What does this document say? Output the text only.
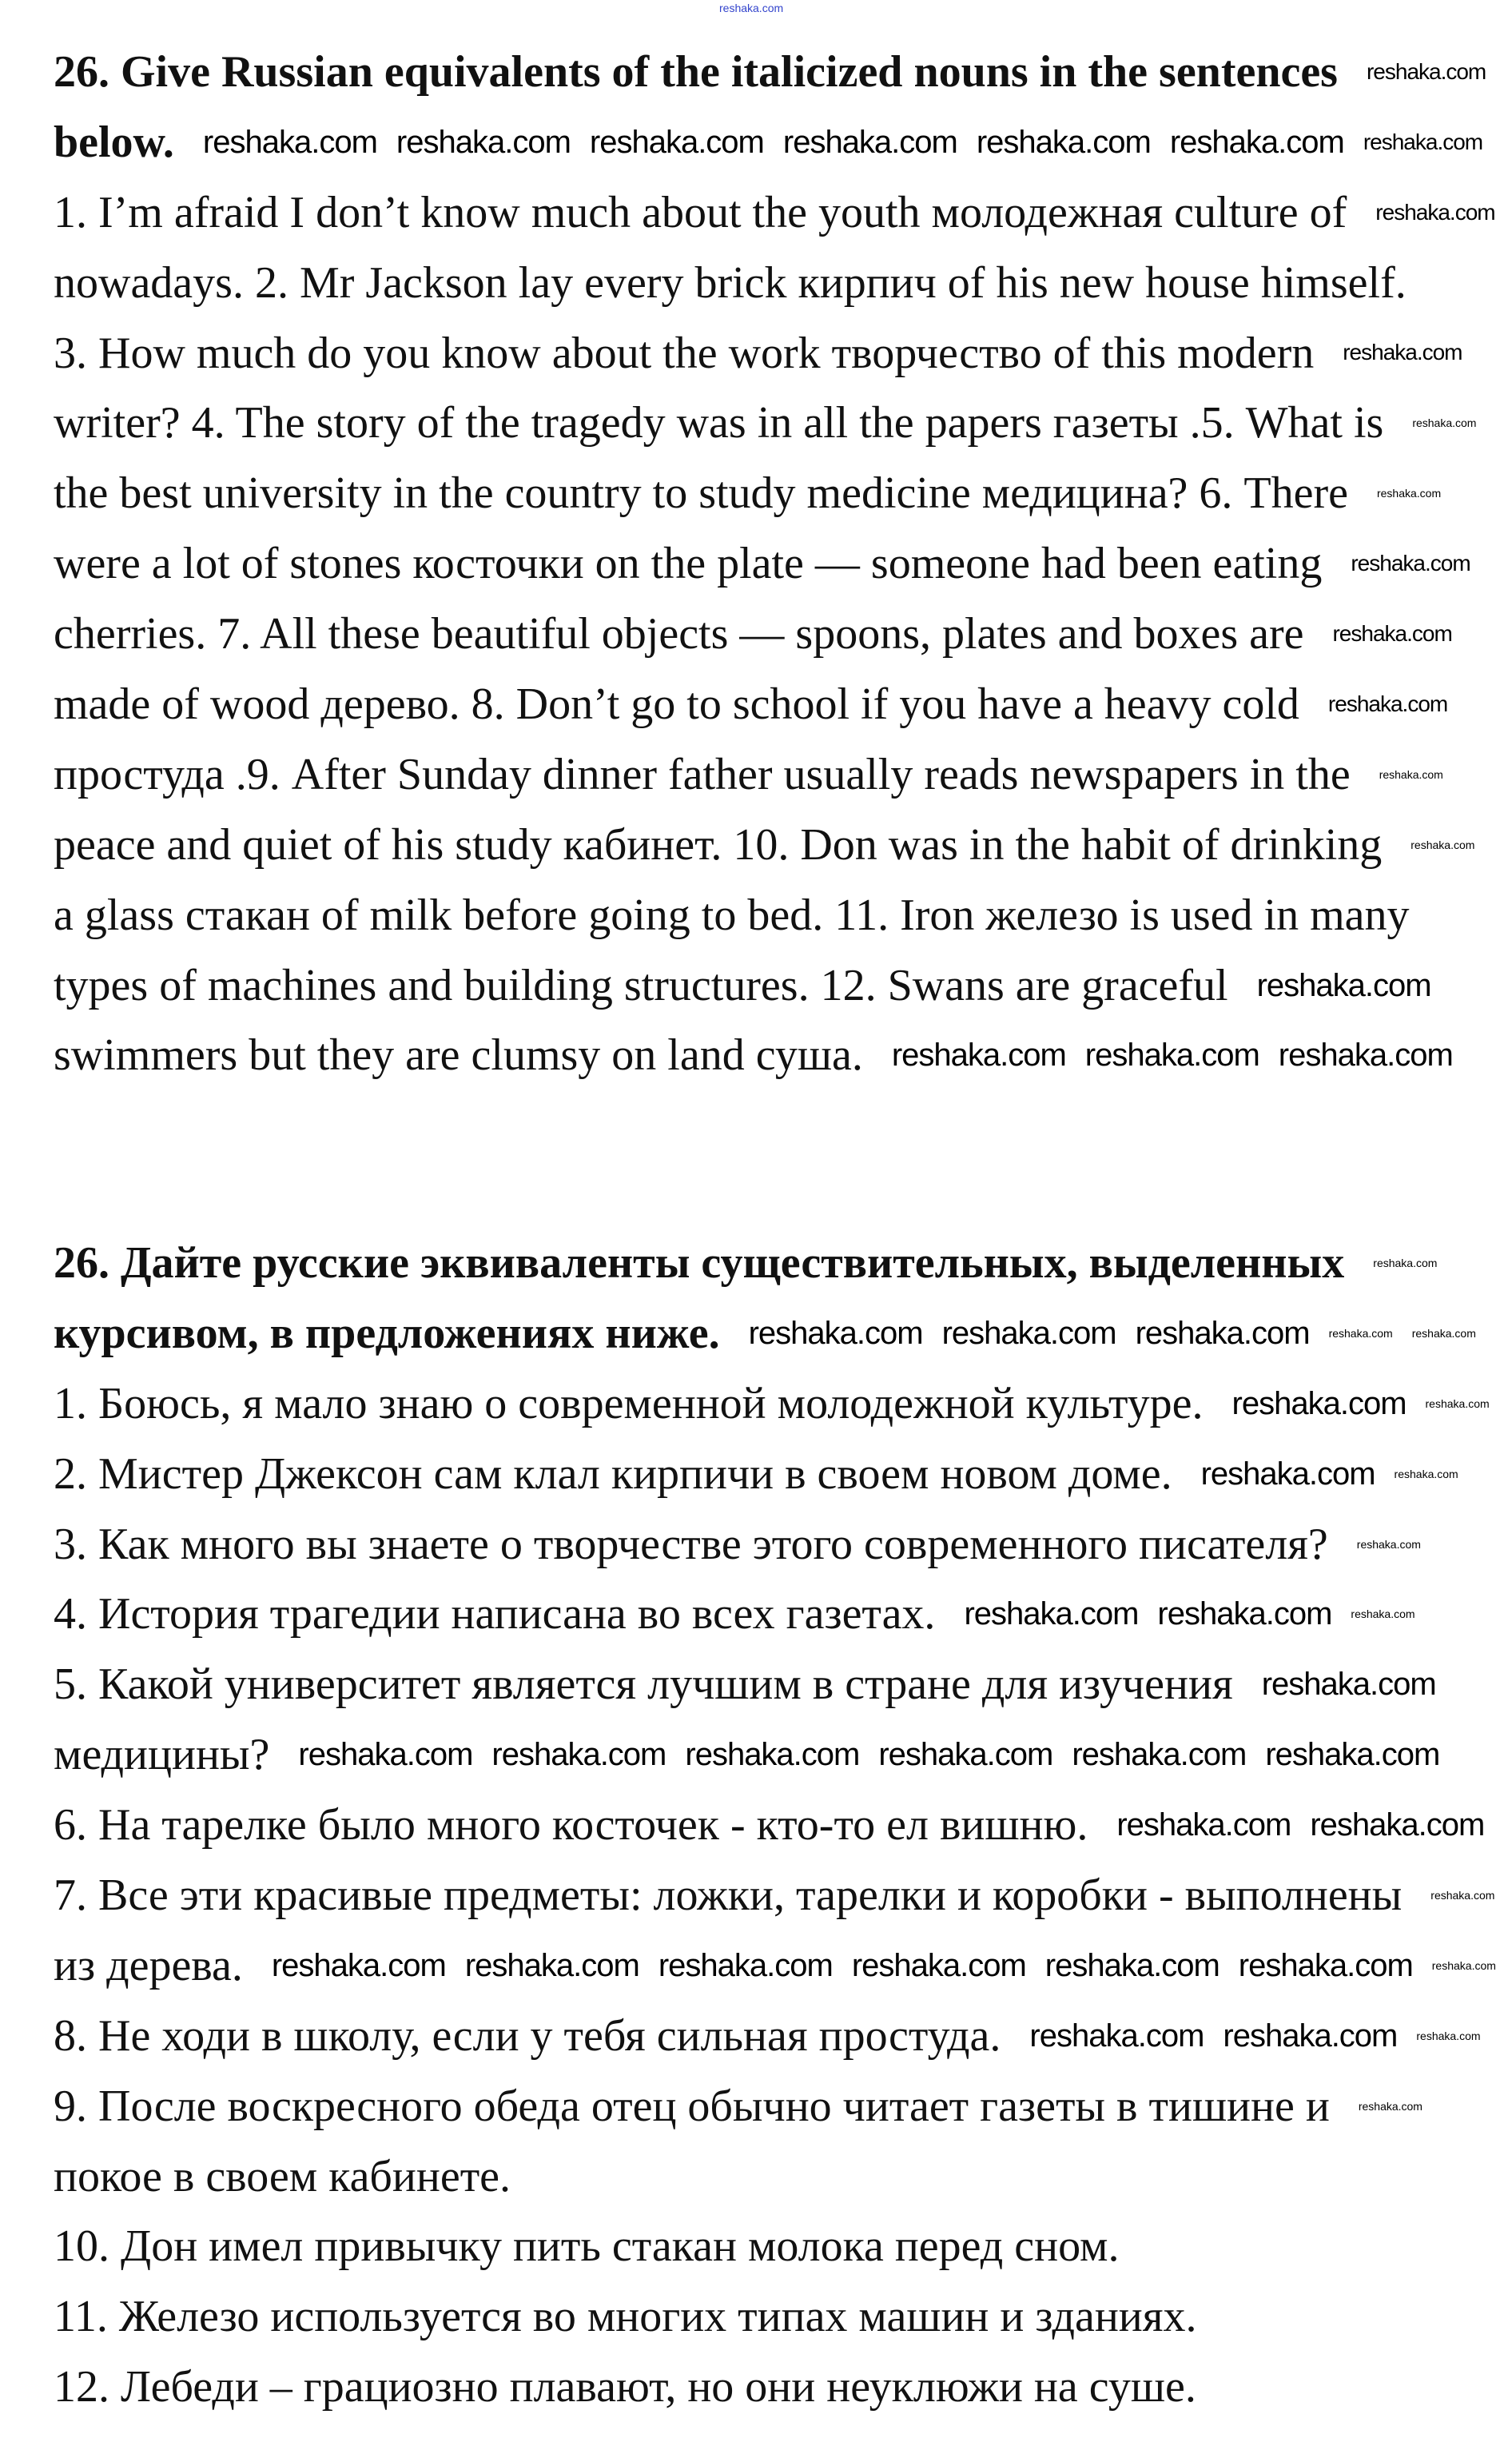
reshaka.com
26. Give Russian equivalents of the italicized nouns in the sentences
below.
1. I’m afraid I don’t know much about the youth молодежная culture of
nowadays. 2. Mr Jackson lay every brick кирпич of his new house himself.
3. How much do you know about the work творчество of this modern
writer? 4. The story of the tragedy was in all the papers газеты .5. What is
the best university in the country to study medicine медицина? 6. There
were a lot of stones косточки on the plate — someone had been eating
cherries. 7. All these beautiful objects — spoons, plates and boxes are
made of wood дерево. 8. Don’t go to school if you have a heavy cold
простуда .9. After Sunday dinner father usually reads newspapers in the
peace and quiet of his study кабинет. 10. Don was in the habit of drinking
a glass стакан of milk before going to bed. 11. Iron железо is used in many
types of machines and building structures. 12. Swans are graceful
swimmers but they are clumsy on land суша.
26. Дайте русские эквиваленты существительных, выделенных
курсивом, в предложениях ниже.
1. Боюсь, я мало знаю о современной молодежной культуре.
2. Мистер Джексон сам клал кирпичи в своем новом доме.
3. Как много вы знаете о творчестве этого современного писателя?
4. История трагедии написана во всех газетах.
5. Какой университет является лучшим в стране для изучения
медицины?
6. На тарелке было много косточек - кто-то ел вишню.
7. Все эти красивые предметы: ложки, тарелки и коробки - выполнены
из дерева.
8. Не ходи в школу, если у тебя сильная простуда.
9. После воскресного обеда отец обычно читает газеты в тишине и
покое в своем кабинете.
10. Дон имел привычку пить стакан молока перед сном.
11. Железо используется во многих типах машин и зданиях.
12. Лебеди – грациозно плавают, но они неуклюжи на суше.
reshaka.com reshaka.com reshaka.com reshaka.com reshaka.com reshaka.com
reshaka.com
reshaka.com reshaka.com reshaka.com
reshaka.com reshaka.com reshaka.com
reshaka.com
reshaka.com
reshaka.com reshaka.com
reshaka.com
reshaka.com reshaka.com reshaka.com reshaka.com reshaka.com reshaka.com
reshaka.com reshaka.com
reshaka.com reshaka.com reshaka.com reshaka.com reshaka.com reshaka.com
reshaka.com reshaka.com
reshaka.com
reshaka.com
reshaka.com
reshaka.com
reshaka.com
reshaka.com
reshaka.com
reshaka.com
reshaka.com
reshaka.com
reshaka.com
reshaka.com
reshaka.com reshaka.com
reshaka.com
reshaka.com
reshaka.com
reshaka.com
reshaka.com
reshaka.com
reshaka.com
reshaka.com
